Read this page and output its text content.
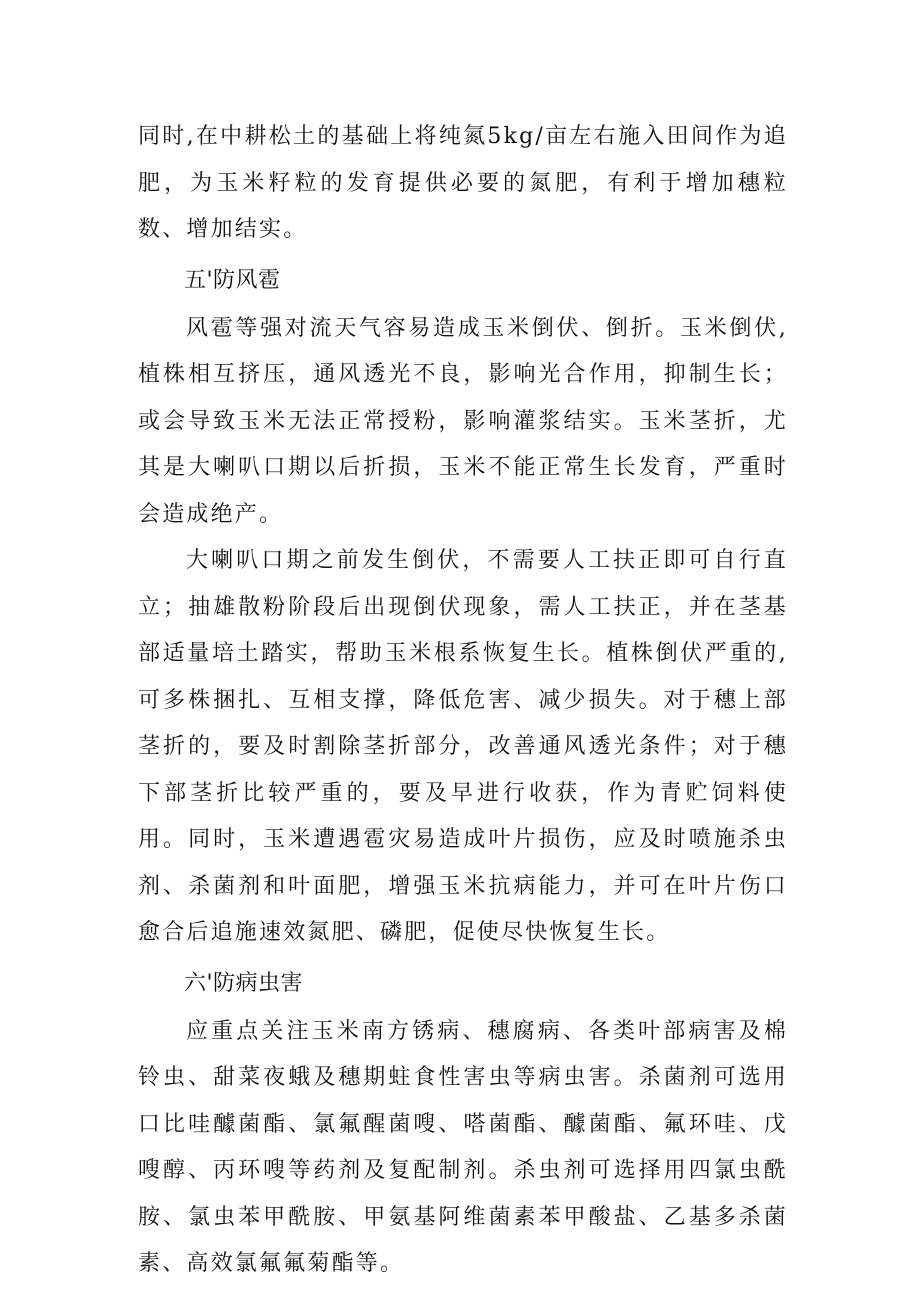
同时,在中耕松土的基础上将纯氮5kg/亩左右施入田间作为追肥，为玉米籽粒的发育提供必要的氮肥，有利于增加穗粒数、增加结实。

五'防风雹

风雹等强对流天气容易造成玉米倒伏、倒折。玉米倒伏,植株相互挤压，通风透光不良，影响光合作用，抑制生长；或会导致玉米无法正常授粉，影响灌浆结实。玉米茎折，尤其是大喇叭口期以后折损，玉米不能正常生长发育，严重时会造成绝产。

大喇叭口期之前发生倒伏，不需要人工扶正即可自行直立；抽雄散粉阶段后出现倒伏现象，需人工扶正，并在茎基部适量培土踏实，帮助玉米根系恢复生长。植株倒伏严重的,可多株捆扎、互相支撑，降低危害、减少损失。对于穗上部茎折的，要及时割除茎折部分，改善通风透光条件；对于穗下部茎折比较严重的，要及早进行收获，作为青贮饲料使用。同时，玉米遭遇雹灾易造成叶片损伤，应及时喷施杀虫剂、杀菌剂和叶面肥，增强玉米抗病能力，并可在叶片伤口愈合后追施速效氮肥、磷肥，促使尽快恢复生长。

六'防病虫害

应重点关注玉米南方锈病、穗腐病、各类叶部病害及棉铃虫、甜菜夜蛾及穗期蛀食性害虫等病虫害。杀菌剂可选用口比哇醵菌酯、氯氟醒菌嗖、嗒菌酯、醵菌酯、氟环哇、戊嗖醇、丙环嗖等药剂及复配制剂。杀虫剂可选择用四氯虫酰胺、氯虫苯甲酰胺、甲氨基阿维菌素苯甲酸盐、乙基多杀菌素、高效氯氟氟菊酯等。
